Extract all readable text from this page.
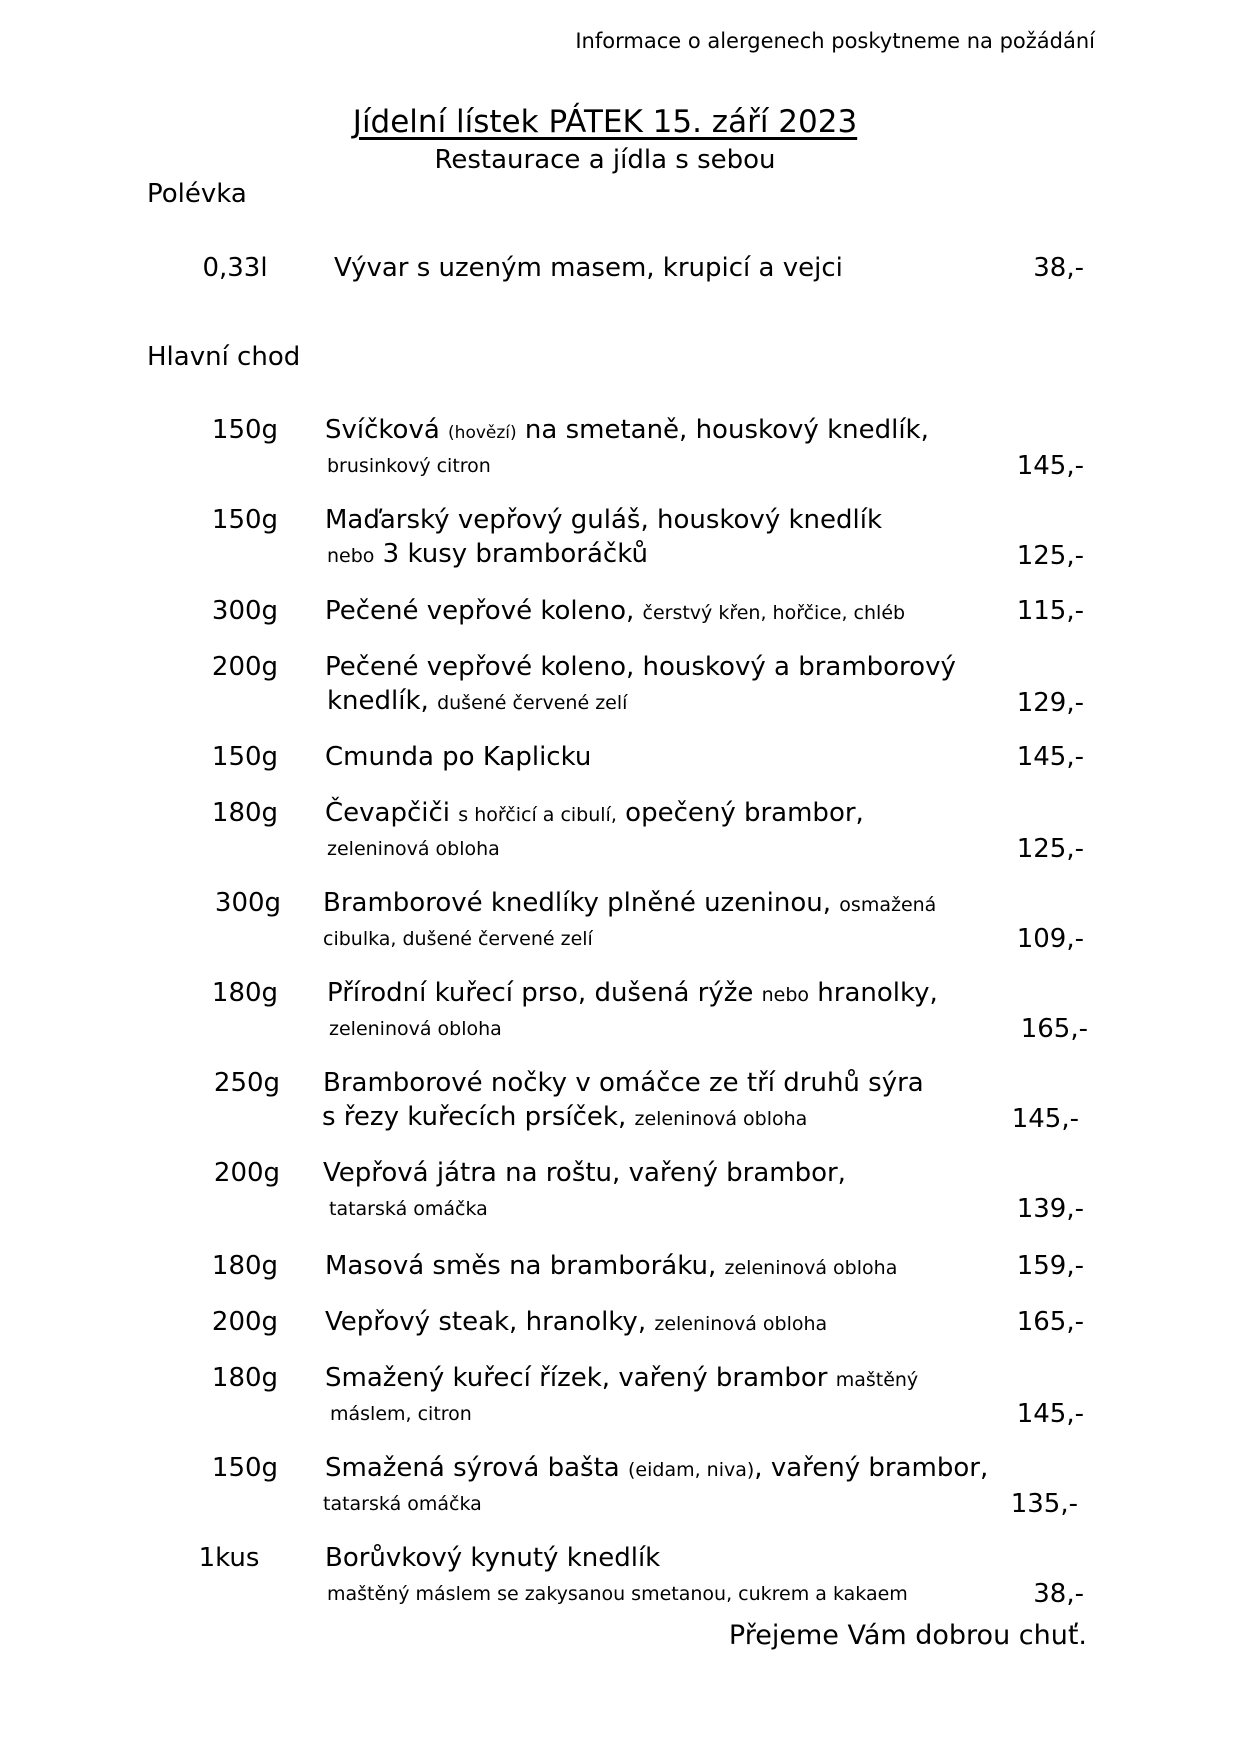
Informace o alergenech poskytneme na požádání
Jídelní lístek PÁTEK 15. září 2023
Restaurace a jídla s sebou
Polévka
0,33l	Vývar s uzeným masem, krupicí a vejci	38,-
Hlavní chod
150g	Svíčková (hovězí) na smetaně, houskový knedlík,
brusinkový citron	145,-
150g	Maďarský vepřový guláš, houskový knedlík
nebo 3 kusy bramboráčků	125,-
300g	Pečené vepřové koleno, čerstvý křen, hořčice, chléb	115,-
200g	Pečené vepřové koleno, houskový a bramborový
knedlík, dušené červené zelí	129,-
150g	Cmunda po Kaplicku	145,-
180g	Čevapčiči s hořčicí a cibulí, opečený brambor,
zeleninová obloha	125,-
300g	Bramborové knedlíky plněné uzeninou, osmažená
cibulka, dušené červené zelí	109,-
180g	Přírodní kuřecí prso, dušená rýže nebo hranolky,
zeleninová obloha	165,-
250g	Bramborové nočky v omáčce ze tří druhů sýra
s řezy kuřecích prsíček, zeleninová obloha	145,-
200g	Vepřová játra na roštu, vařený brambor,
tatarská omáčka	139,-
180g	Masová směs na bramboráku, zeleninová obloha	159,-
200g	Vepřový steak, hranolky, zeleninová obloha	165,-
180g	Smažený kuřecí řízek, vařený brambor maštěný
máslem, citron	145,-
150g	Smažená sýrová bašta (eidam, niva), vařený brambor,
tatarská omáčka	135,-
1kus	Borůvkový kynutý knedlík
maštěný máslem se zakysanou smetanou, cukrem a kakaem	38,-
Přejeme Vám dobrou chuť.
